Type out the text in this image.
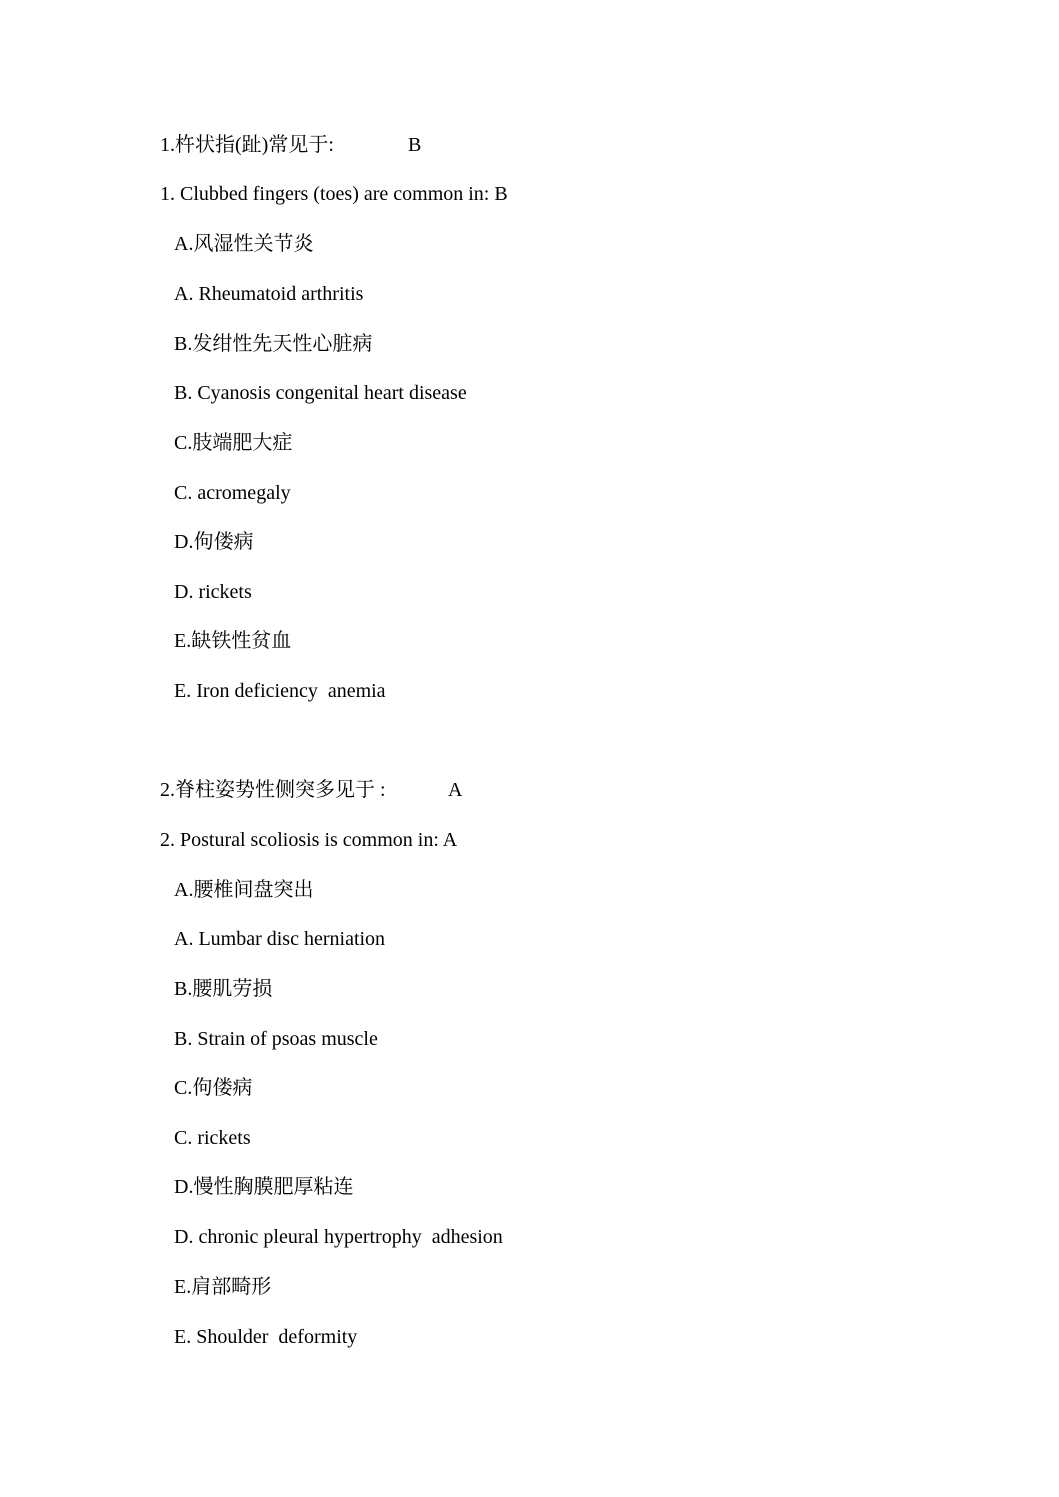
1.杵状指(趾)常见于:	B
1. Clubbed fingers (toes) are common in: B
A.风湿性关节炎
A. Rheumatoid arthritis
B.发绀性先天性心脏病
B. Cyanosis congenital heart disease
C.肢端肥大症
C. acromegaly
D.佝偻病
D. rickets
E.缺铁性贫血
E. Iron deficiency  anemia
2.脊柱姿势性侧突多见于 :	A
2. Postural scoliosis is common in: A
A.腰椎间盘突出
A. Lumbar disc herniation
B.腰肌劳损
B. Strain of psoas muscle
C.佝偻病
C. rickets
D.慢性胸膜肥厚粘连
D. chronic pleural hypertrophy  adhesion
E.肩部畸形
E. Shoulder  deformity
